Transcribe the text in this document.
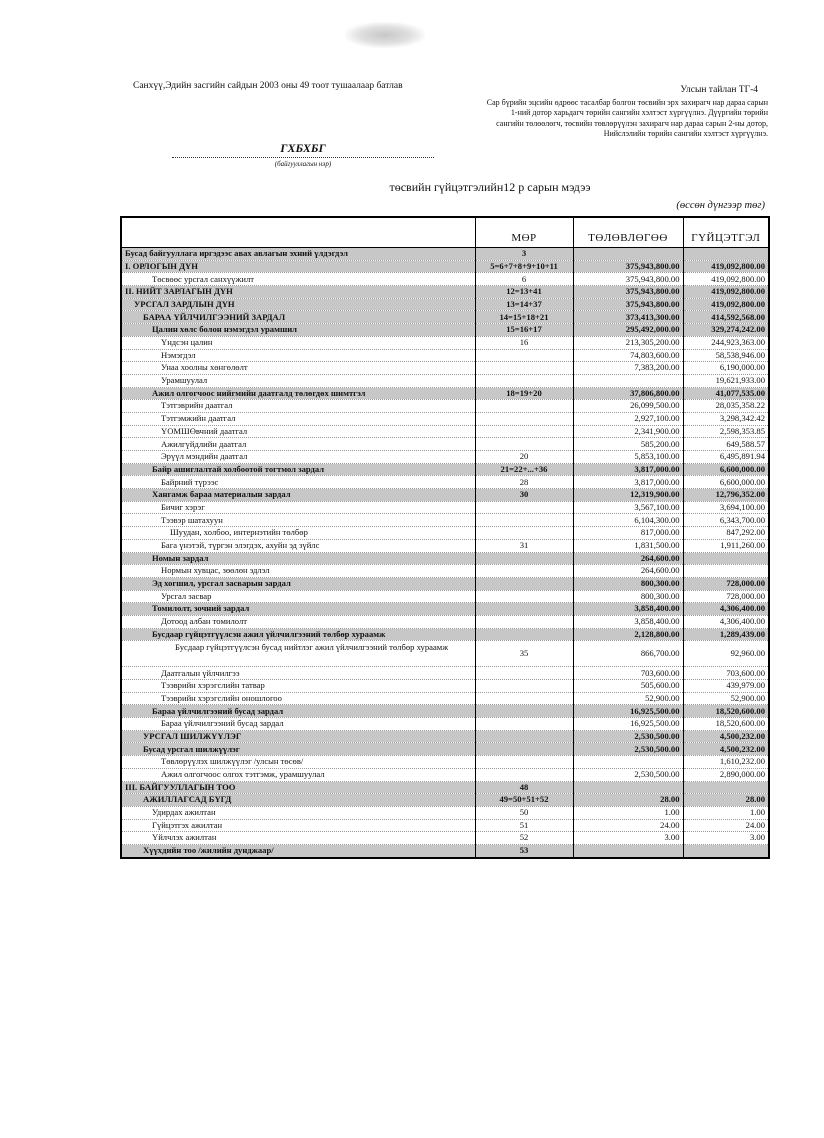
Санхүү,Эдийн засгийн сайдын 2003 оны 49 тоот тушаалаар батлав	Улсын тайлан ТГ-4
Сар бүрийн эцсийн өдрөөс тасалбар болгон төсвийн эрх захирагч нар дараа сарын
1-ний дотор харьдагч төрийн сангийн хэлтэст хүргүүлнэ. Дүүргийн төрийн
сангийн төлөөлөгч, төсвийн төвлөрүүлэн захирагч нар дараа сарын 2-ны дотор,
Нийслэлийн төрийн сангийн хэлтэст хүргүүлнэ.
ГХБХБГ
(байгууллагын нэр)
төсвийн гүйцэтгэлийн12 р сарын мэдээ
(өссөн дүнгээр төг)
	МӨР	ТӨЛӨВЛӨГӨӨ	ГҮЙЦЭТГЭЛ
Бусад байгууллага иргэдээс авах авлагын эхний үлдэгдэл	3		
I. ОРЛОГЫН ДҮН	5=6+7+8+9+10+11	375,943,800.00	419,092,800.00
Төсвөөс урсгал санхүүжилт	6	375,943,800.00	419,092,800.00
II. НИЙТ ЗАРЛАГЫН ДҮН	12=13+41	375,943,800.00	419,092,800.00
УРСГАЛ ЗАРДЛЫН ДҮН	13=14+37	375,943,800.00	419,092,800.00
БАРАА ҮЙЛЧИЛГЭЭНИЙ ЗАРДАЛ	14=15+18+21	373,413,300.00	414,592,568.00
Цалин хөлс болон нэмэгдэл урамшил	15=16+17	295,492,000.00	329,274,242.00
Үндсэн цалин	16	213,305,200.00	244,923,363.00
Нэмэгдэл		74,803,600.00	58,538,946.00
Унаа хоолны хөнгөлөлт		7,383,200.00	6,190,000.00
Урамшуулал			19,621,933.00
Ажил олгогчоос нийгмийн даатгалд төлөгдөх шимтгэл	18=19+20	37,806,800.00	41,077,535.00
Тэтгэврийн даатгал		26,099,500.00	28,035,358.22
Тэтгэмжийн даатгал		2,927,100.00	3,298,342.42
ҮОМШӨвчний даатгал		2,341,900.00	2,598,353.85
Ажилгүйдлийн даатгал		585,200.00	649,588.57
Эрүүл мэндийн даатгал	20	5,853,100.00	6,495,891.94
Байр ашиглалтай холбоотой тогтмол зардал	21=22+...+36	3,817,000.00	6,600,000.00
Байрний түрээс	28	3,817,000.00	6,600,000.00
Хангамж бараа материалын зардал	30	12,319,900.00	12,796,352.00
Бичиг хэрэг		3,567,100.00	3,694,100.00
Тээвэр шатахуун		6,104,300.00	6,343,700.00
Шуудан, холбоо, интернэтийн төлбөр		817,000.00	847,292.00
Бага үнэтэй, түргэн элэгдэх, ахуйн эд зүйлс	31	1,831,500.00	1,911,260.00
Номын зардал		264,600.00	
Нормын хувцас, зөөлөн эдлэл		264,600.00	
Эд хогшил, урсгал засварын зардал		800,300.00	728,000.00
Урсгал засвар		800,300.00	728,000.00
Томилолт, зочний зардал		3,858,400.00	4,306,400.00
Дотоод албан томилолт		3,858,400.00	4,306,400.00
Бусдаар гүйцэтгүүлсэн ажил үйлчилгээний төлбөр хураамж		2,128,800.00	1,289,439.00
Бусдаар гүйцэтгүүлсэн бусад нийтлэг ажил үйлчилгээний төлбөр хураамж	35	866,700.00	92,960.00
Даатгалын үйлчилгээ		703,600.00	703,600.00
Тээврийн хэрэгслийн татвар		505,600.00	439,979.00
Тээврийн хэрэгслийн оношлогоо		52,900.00	52,900.00
Бараа үйлчилгээний бусад зардал		16,925,500.00	18,520,600.00
Бараа үйлчилгээний бусад зардал		16,925,500.00	18,520,600.00
УРСГАЛ ШИЛЖҮҮЛЭГ		2,530,500.00	4,500,232.00
Бусад урсгал шилжүүлэг		2,530,500.00	4,500,232.00
Төвлөрүүлэх шилжүүлэг /улсын төсөв/			1,610,232.00
Ажил олгогчоос олгох тэтгэмж, урамшуулал		2,530,500.00	2,890,000.00
III. БАЙГУУЛЛАГЫН ТОО	48		
АЖИЛЛАГСАД БҮГД	49=50+51+52	28.00	28.00
Удирдах ажилтан	50	1.00	1.00
Гүйцэтгэх ажилтан	51	24.00	24.00
Үйлчлэх ажилтан	52	3.00	3.00
Хүүхдийн тоо /жилийн дунджаар/	53		
